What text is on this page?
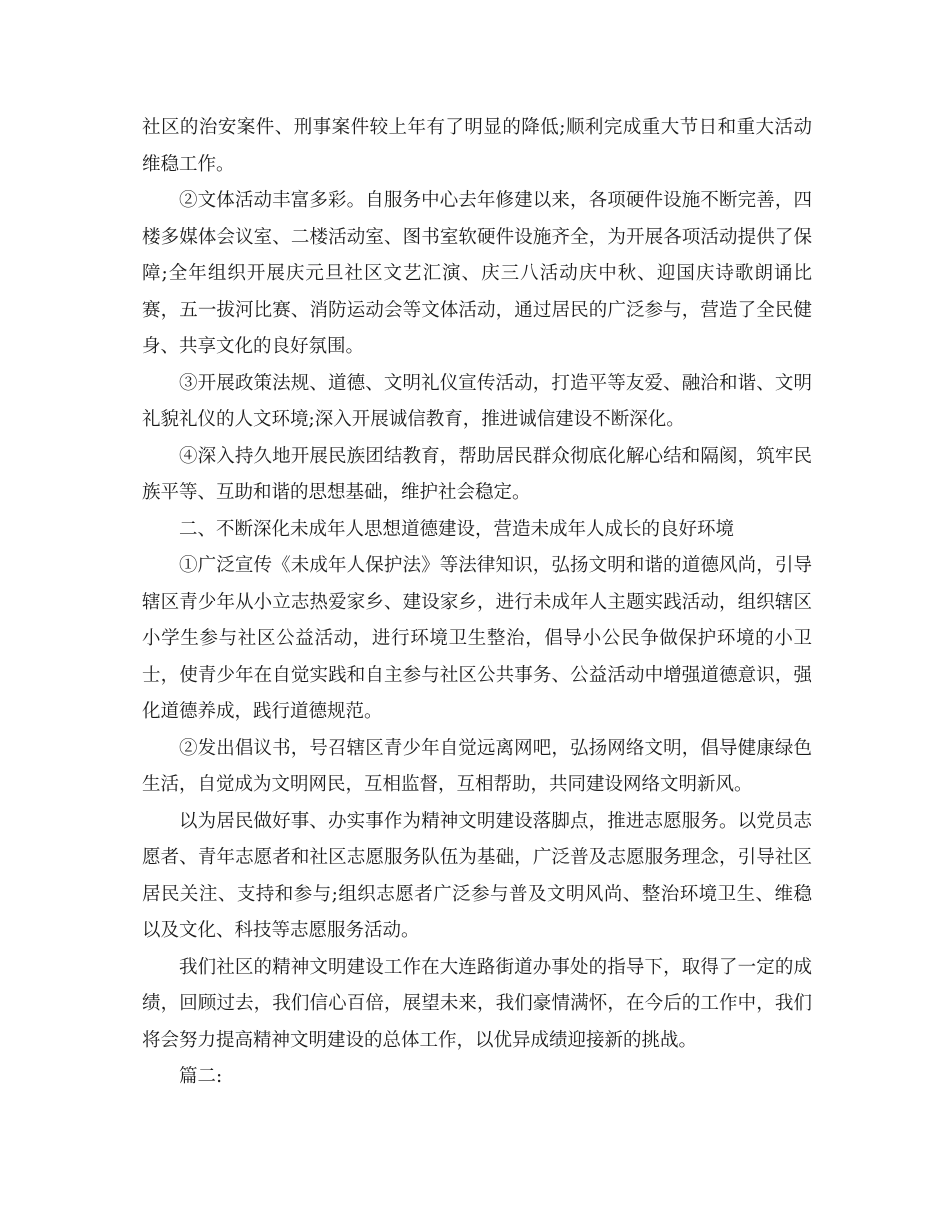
社区的治安案件、刑事案件较上年有了明显的降低;顺利完成重大节日和重大活动维稳工作。

②文体活动丰富多彩。自服务中心去年修建以来，各项硬件设施不断完善，四楼多媒体会议室、二楼活动室、图书室软硬件设施齐全，为开展各项活动提供了保障;全年组织开展庆元旦社区文艺汇演、庆三八活动庆中秋、迎国庆诗歌朗诵比赛，五一拔河比赛、消防运动会等文体活动，通过居民的广泛参与，营造了全民健身、共享文化的良好氛围。

③开展政策法规、道德、文明礼仪宣传活动，打造平等友爱、融洽和谐、文明礼貌礼仪的人文环境;深入开展诚信教育，推进诚信建设不断深化。

④深入持久地开展民族团结教育，帮助居民群众彻底化解心结和隔阂，筑牢民族平等、互助和谐的思想基础，维护社会稳定。

二、不断深化未成年人思想道德建设，营造未成年人成长的良好环境

①广泛宣传《未成年人保护法》等法律知识，弘扬文明和谐的道德风尚，引导辖区青少年从小立志热爱家乡、建设家乡，进行未成年人主题实践活动，组织辖区小学生参与社区公益活动，进行环境卫生整治，倡导小公民争做保护环境的小卫士，使青少年在自觉实践和自主参与社区公共事务、公益活动中增强道德意识，强化道德养成，践行道德规范。

②发出倡议书，号召辖区青少年自觉远离网吧，弘扬网络文明，倡导健康绿色生活，自觉成为文明网民，互相监督，互相帮助，共同建设网络文明新风。

以为居民做好事、办实事作为精神文明建设落脚点，推进志愿服务。以党员志愿者、青年志愿者和社区志愿服务队伍为基础，广泛普及志愿服务理念，引导社区居民关注、支持和参与;组织志愿者广泛参与普及文明风尚、整治环境卫生、维稳以及文化、科技等志愿服务活动。

我们社区的精神文明建设工作在大连路街道办事处的指导下，取得了一定的成绩，回顾过去，我们信心百倍，展望未来，我们豪情满怀，在今后的工作中，我们将会努力提高精神文明建设的总体工作，以优异成绩迎接新的挑战。

篇二:
